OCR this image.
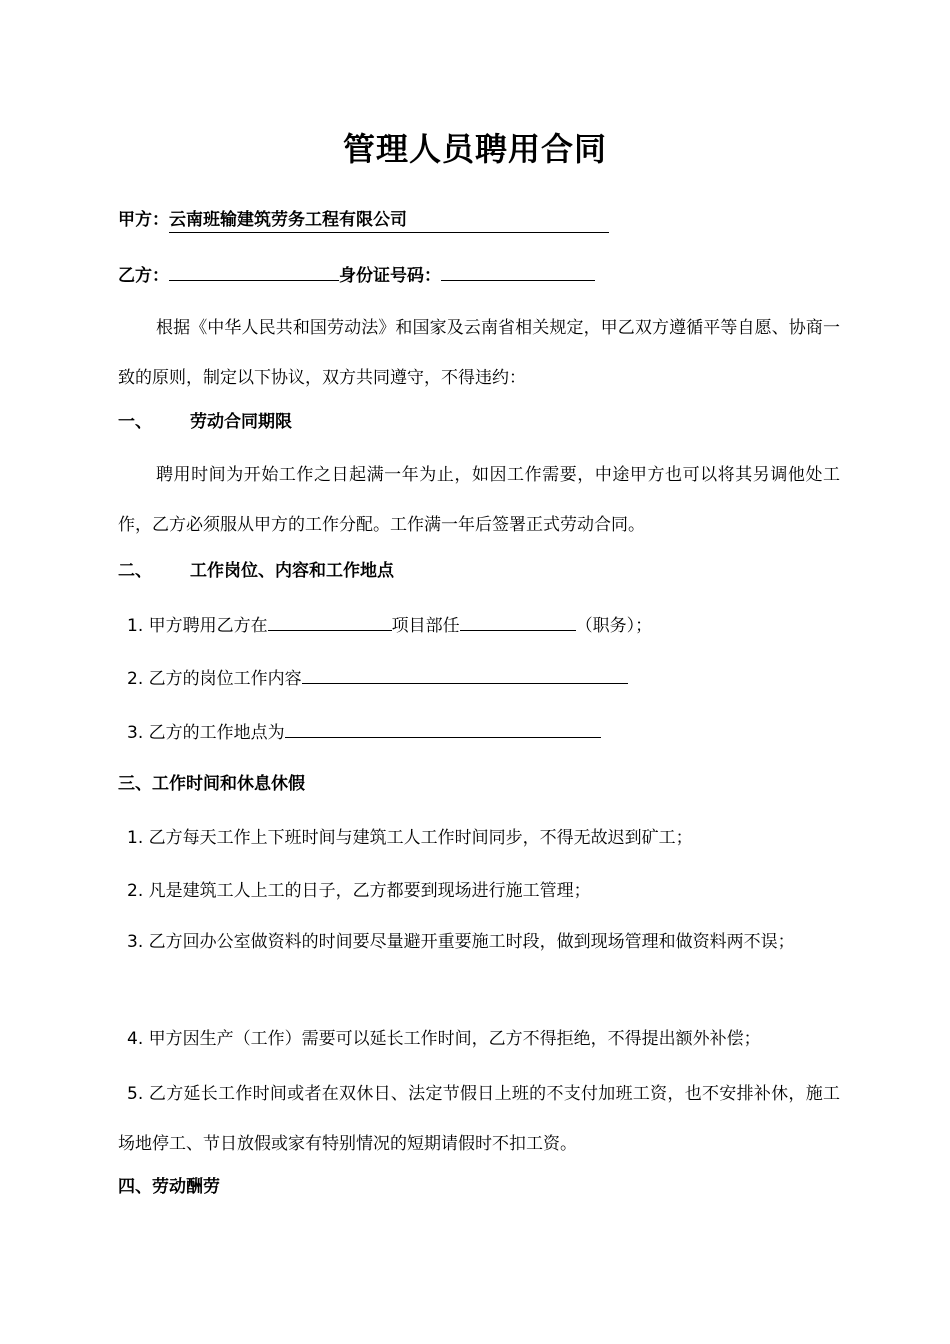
管理人员聘用合同
甲方：云南班输建筑劳务工程有限公司
乙方：	身份证号码：
根据《中华人民共和国劳动法》和国家及云南省相关规定，甲乙双方遵循平等自愿、协商一致的原则，制定以下协议，双方共同遵守，不得违约：
一、 劳动合同期限
聘用时间为开始工作之日起满一年为止，如因工作需要，中途甲方也可以将其另调他处工作，乙方必须服从甲方的工作分配。工作满一年后签署正式劳动合同。
二、 工作岗位、内容和工作地点
1. 甲方聘用乙方在	项目部任	（职务）；
2. 乙方的岗位工作内容
3. 乙方的工作地点为
三、工作时间和休息休假
1. 乙方每天工作上下班时间与建筑工人工作时间同步，不得无故迟到矿工；
2. 凡是建筑工人上工的日子，乙方都要到现场进行施工管理；
3. 乙方回办公室做资料的时间要尽量避开重要施工时段，做到现场管理和做资料两不误；
4. 甲方因生产（工作）需要可以延长工作时间，乙方不得拒绝，不得提出额外补偿；
5. 乙方延长工作时间或者在双休日、法定节假日上班的不支付加班工资，也不安排补休，施工场地停工、节日放假或家有特别情况的短期请假时不扣工资。
四、劳动酬劳
